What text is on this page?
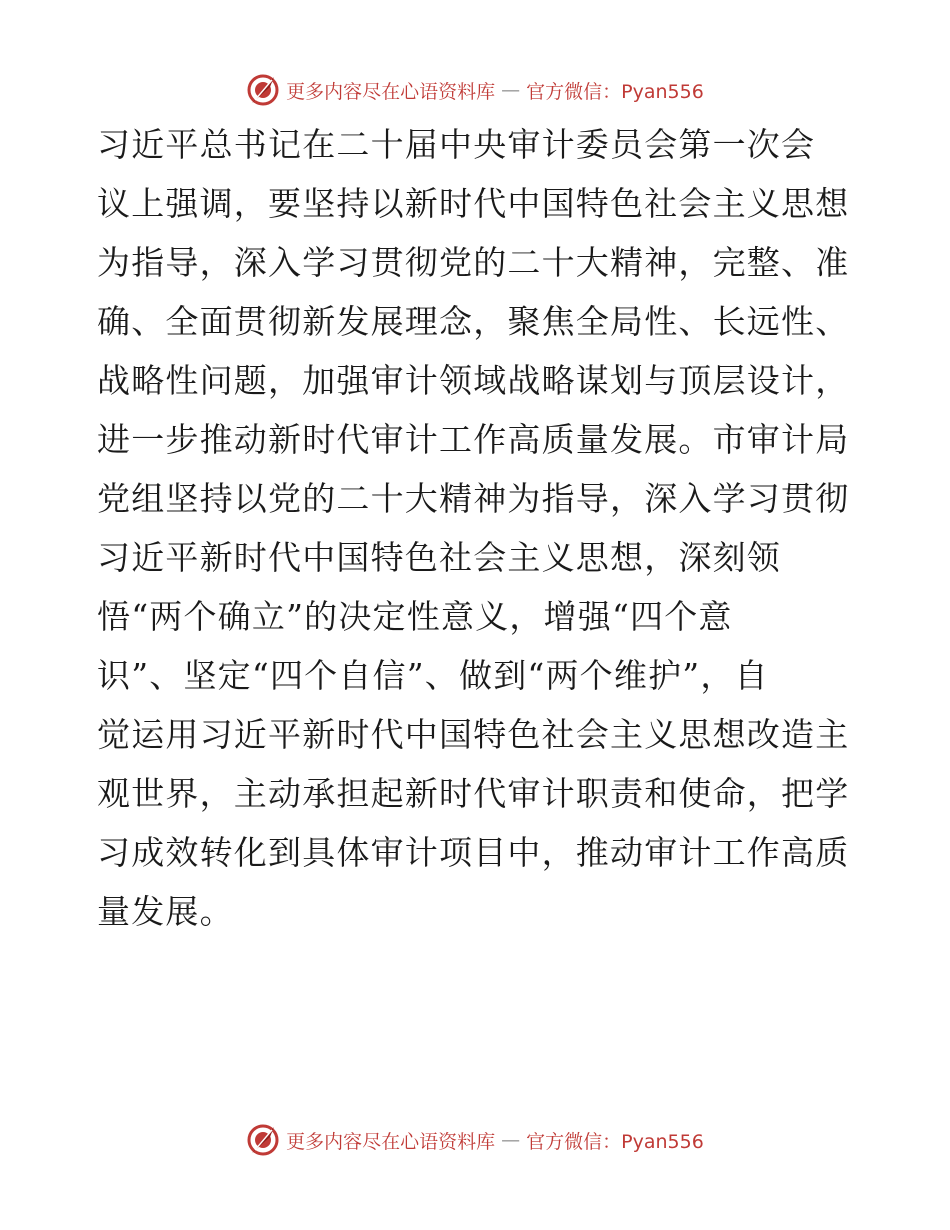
更多内容尽在心语资料库 — 官方微信：Pyan556
习近平总书记在二十届中央审计委员会第一次会
议上强调，要坚持以新时代中国特色社会主义思想
为指导，深入学习贯彻党的二十大精神，完整、准
确、全面贯彻新发展理念，聚焦全局性、长远性、
战略性问题，加强审计领域战略谋划与顶层设计，
进一步推动新时代审计工作高质量发展。市审计局
党组坚持以党的二十大精神为指导，深入学习贯彻
习近平新时代中国特色社会主义思想，深刻领
悟“两个确立”的决定性意义，增强“四个意
识”、坚定“四个自信”、做到“两个维护”，自
觉运用习近平新时代中国特色社会主义思想改造主
观世界，主动承担起新时代审计职责和使命，把学
习成效转化到具体审计项目中，推动审计工作高质
量发展。
更多内容尽在心语资料库 — 官方微信：Pyan556
